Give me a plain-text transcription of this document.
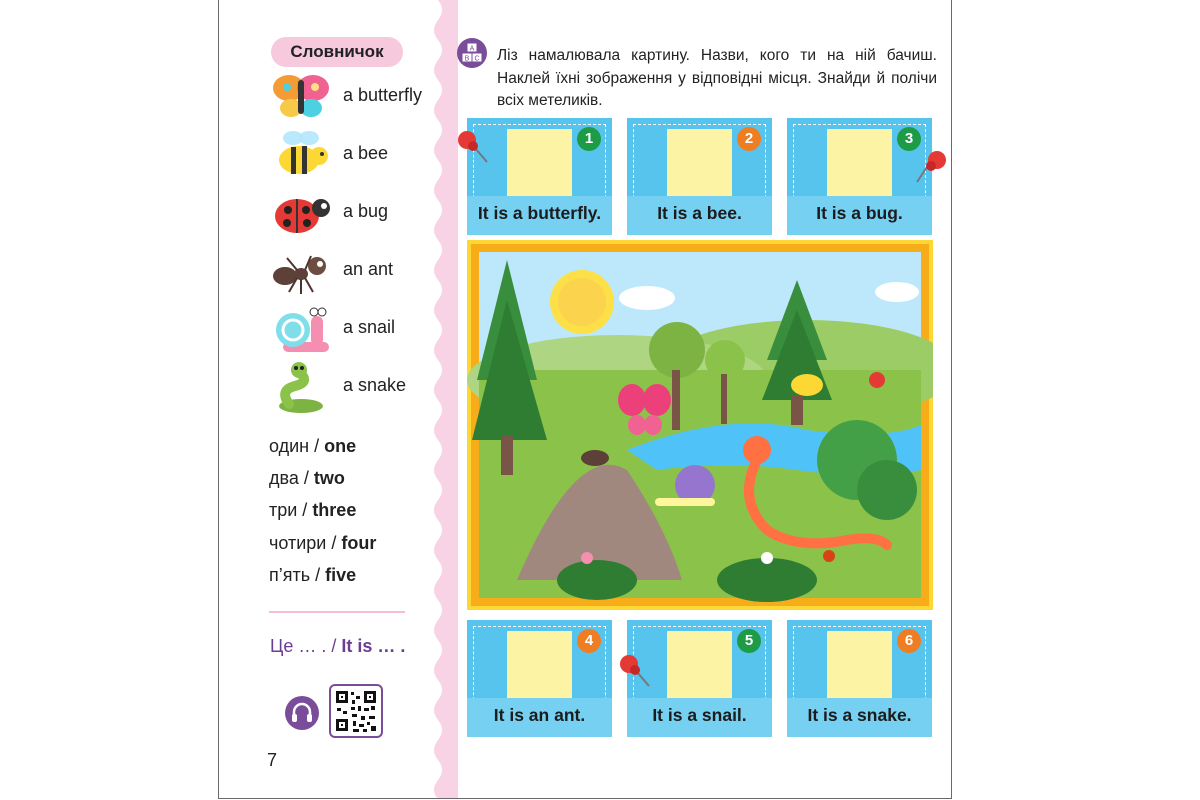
Словничок
a butterfly
a bee
a bug
an ant
a snail
a snake
один / one
два / two
три / three
чотири / four
п’ять / five
Це … . / It is … .
7
A
B C Ліз намалювала картину. Назви, кого ти на ній бачиш. Наклей їхні зображення у відповідні місця. Знайди й полічи всіх метеликів.
1
It is a butterfly.
2
It is a bee.
3
It is a bug.
4
It is an ant.
5
It is a snail.
6
It is a snake.
